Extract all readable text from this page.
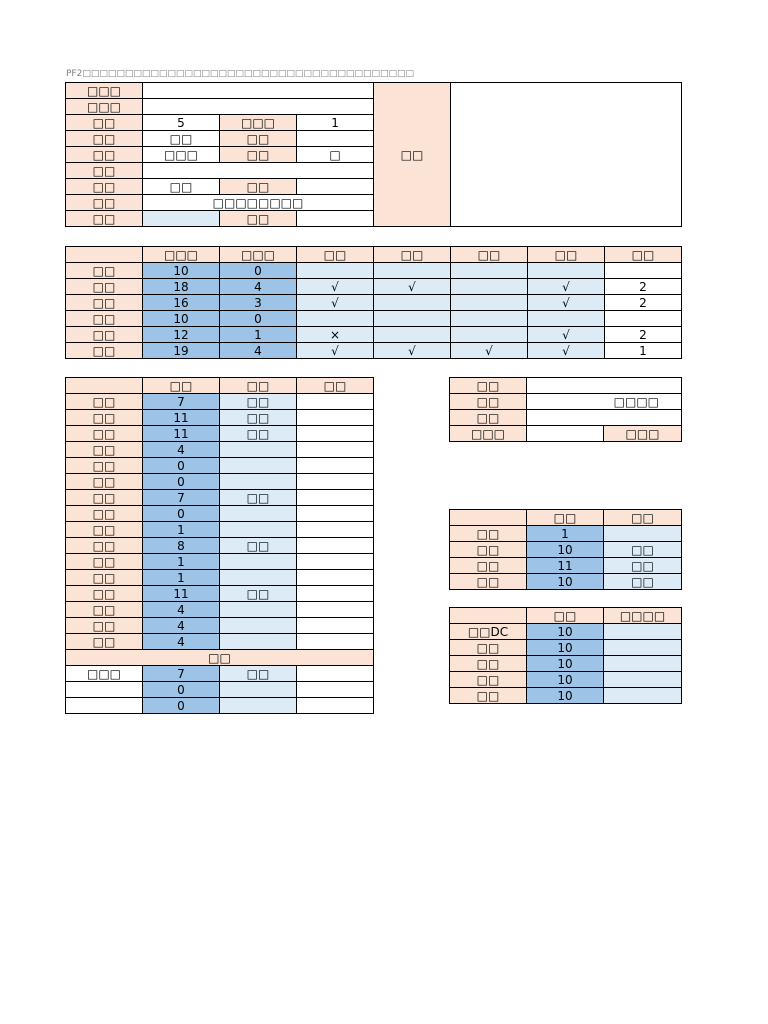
PF2□□□□□□□□□□□□□□□□□□□□□□□□□□□□□□□□□□□□□□□
□□□				□□	
□□□					
□□	5	□□□	1		
□□	□□	□□			
□□	□□□	□□	□		
□□					
□□	□□	□□			
□□	□□□□□□□□				
□□		□□			
	□□□	□□□	□□	□□	□□	□□	□□
□□	10	0					
□□	18	4	√	√		√	2
□□	16	3	√			√	2
□□	10	0					
□□	12	1	×			√	2
□□	19	4	√	√	√	√	1
	□□	□□	□□
□□	7	□□	
□□	11	□□	
□□	11	□□	
□□	4		
□□	0		
□□	0		
□□	7	□□	
□□	0		
□□	1		
□□	8	□□	
□□	1		
□□	1		
□□	11	□□	
□□	4		
□□	4		
□□	4		
□□			
□□□	7	□□	
	0		
	0		
□□		
□□	□□□□	
□□		
□□□		□□□
	□□	□□
□□	1	
□□	10	□□
□□	11	□□
□□	10	□□
	□□	□□□□
□□DC	10	
□□	10	
□□	10	
□□	10	
□□	10	
